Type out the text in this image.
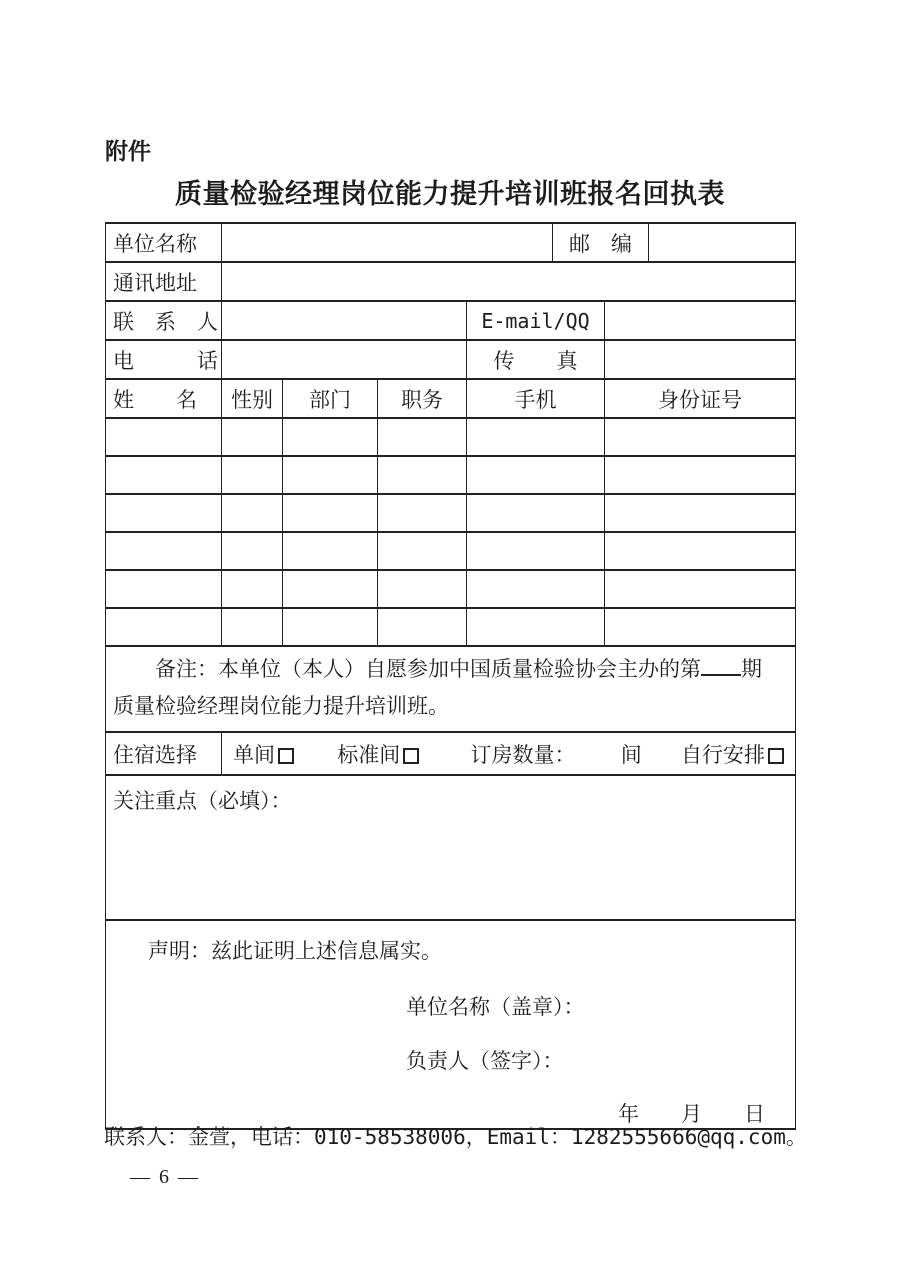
附件
质量检验经理岗位能力提升培训班报名回执表
单位名称					邮　编		
通讯地址							
联　系　人				E-mail/QQ			
电　　　话				传　　真			
姓　　名	性别	部门	职务	手机		身份证号	

备注：本单位（本人）自愿参加中国质量检验协会主办的第 期
质量检验经理岗位能力提升培训班。							

住宿选择	单间 标准间 订房数量： 间 自行安排						
关注重点（必填）：							

声明：兹此证明上述信息属实。
单位名称（盖章）：
负责人（签字）：
年　　月　　日							
联系人：金萱，电话：010-58538006，Email：1282555666@qq.com。
— 6 —
